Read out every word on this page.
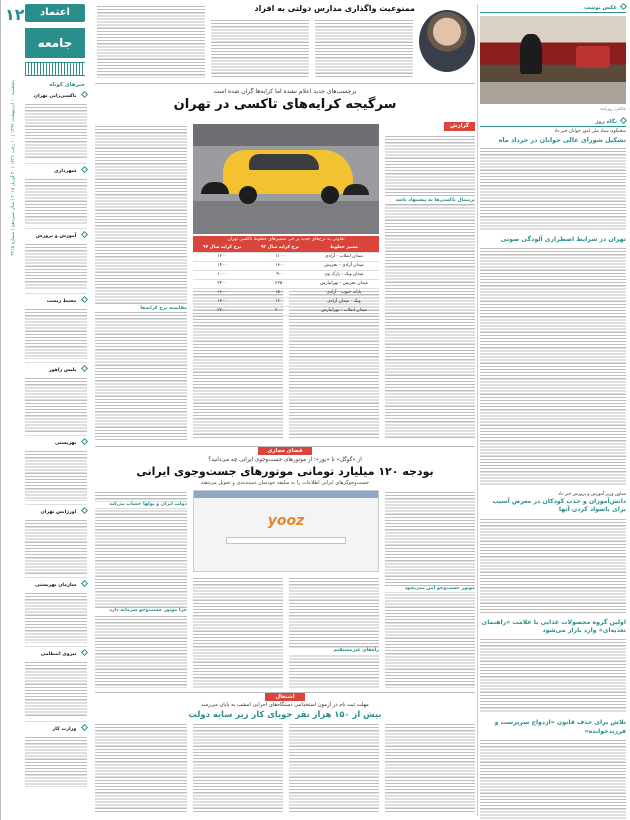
۱۲
پنجشنبه ۱۰ اردیبهشت ۱۳۹۴ | ۱۰ رجب ۱۴۳۶ | ۳۰ آوریل ۲۰۱۵ | سال سیزدهم | شماره ۳۲۱۵
اعتماد
جامعه
خبرهای کوتاه
تاکسی‌رانی تهران
شهرداری
آموزش و پرورش
محیط زیست
پلیس راهور
بهزیستی
اورژانس تهران
سازمان بهزیستی
نیروی انتظامی
وزارت کار
ممنوعیت واگذاری مدارس دولتی به افراد	عکس نوشت
عکاس: روزنامه
نگاه روز
سخنگوی ستاد ملی امور جوانان خبر داد
تشکیل شورای عالی جوانان در خرداد ماه
تهران در شرایط اضطراری آلودگی صوتی
معاون وزیر آموزش و پرورش خبر داد
دانش‌آموزان و جذب کودکان در معرض آسیب برای باسواد کردن آنها
اولین گروه محصولات غذایی با علامت «راهنمای تغذیه‌ای» وارد بازار می‌شود
تلاش برای حذف قانون «ازدواج سرپرست و فرزندخوانده»
برچسب‌های جدید اعلام نشده اما کرایه‌ها گران شده است
سرگیجه کرایه‌های تاکسی در تهران
گزارش
ترمینال تاکسی‌ها به پیشنهاد باشد
مقایسه نرخ کرایه‌ها
تفاوتی به نرخ‌های جدید بر خی مسیرهای خطوط تاکسی تهران
مسیر خطوط	نرخ کرایه سال ۹۳	نرخ کرایه سال ۹۴
میدان انقلاب - آزادی	۱۱۰۰	۱۲۰۰
میدان آزادی - تجریش	۱۳۰۰	۱۴۰۰
میدان ونک - پارک وی	۹۰۰	۱۰۰۰
میدان تجریش - تهرانپارس	۲۲۵۰	۲۴۰۰
پایانه جنوب - آزادی	۱۵۰۰	۱۶۰۰
ونک - میدان آزادی	۱۲۰۰	۱۳۰۰
میدان انقلاب - تهرانپارس	۲۰۰۰	۲۲۰۰
فضای مجازی
از «گوگل» تا «یوز»؛ از موتورهای جست‌وجوی ایرانی چه می‌دانید؟
بودجه ۱۲۰ میلیارد تومانی موتورهای جست‌وجوی ایرانی
جست‌وجوگرهای ایرانی اطلاعات را به سلیقه خودشان دسته‌بندی و تحویل می‌دهند
موتور جست‌وجو امن نمی‌شود
راه‌های غیرمستقیم
دولت ایران و پولها حساب می‌کند
چرا موتور جست‌وجو سرمایه دارد
yooz
اشتغال
مهلت ثبت نام در آزمون استخدامی دستگاه‌های اجرایی امشب به پایان می‌رسد
بیش از ۱۵۰ هزار نفر جویای کار زیر سایه دولت
